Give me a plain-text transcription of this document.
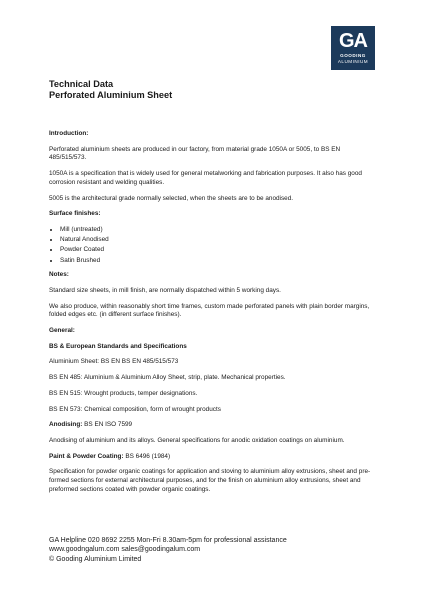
GA
GOODING
ALUMINIUM
Technical Data
Perforated Aluminium Sheet

Introduction:

Perforated aluminium sheets are produced in our factory, from material grade 1050A or 5005, to BS EN 485/515/573.

1050A is a specification that is widely used for general metalworking and fabrication purposes. It also has good corrosion resistant and welding qualities.

5005 is the architectural grade normally selected, when the sheets are to be anodised.

Surface finishes:

• Mill (untreated)
• Natural Anodised
• Powder Coated
• Satin Brushed

Notes:

Standard size sheets, in mill finish, are normally dispatched within 5 working days.

We also produce, within reasonably short time frames, custom made perforated panels with plain border margins, folded edges etc. (in different surface finishes).

General:

BS & European Standards and Specifications

Aluminium Sheet: BS EN BS EN 485/515/573

BS EN 485: Aluminium & Aluminium Alloy Sheet, strip, plate. Mechanical properties.

BS EN 515: Wrought products, temper designations.

BS EN 573: Chemical composition, form of wrought products

Anodising: BS EN ISO 7599

Anodising of aluminium and its alloys. General specifications for anodic oxidation coatings on aluminium.

Paint & Powder Coating: BS 6496 (1984)

Specification for powder organic coatings for application and stoving to aluminium alloy extrusions, sheet and pre-formed sections for external architectural purposes, and for the finish on aluminium alloy extrusions, sheet and preformed sections coated with powder organic coatings.

GA Helpline 020 8692 2255 Mon-Fri 8.30am-5pm for professional assistance
www.goodngalum.com sales@goodingalum.com
© Gooding Aluminium Limited
